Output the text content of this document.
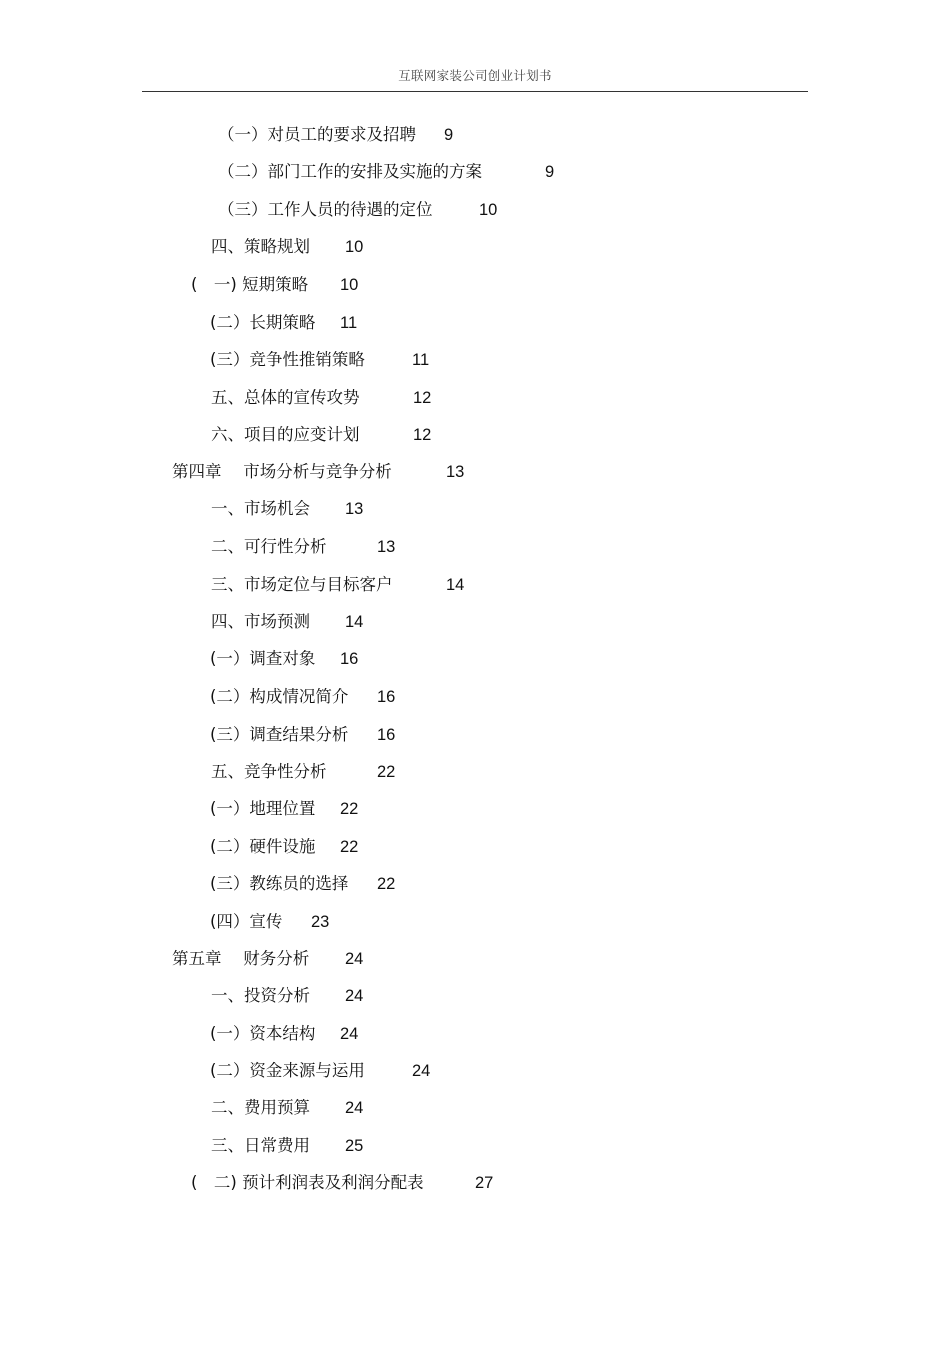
互联网家装公司创业计划书
（一）对员工的要求及招聘 9
（二）部门工作的安排及实施的方案	9
（三）工作人员的待遇的定位	10
四、策略规划 10
(　一) 短期策略 10
(二）长期策略 11
(三）竞争性推销策略	11
五、总体的宣传攻势	12
六、项目的应变计划	12
第四章　 市场分析与竞争分析	13
一、市场机会 13
二、可行性分析	13
三、市场定位与目标客户	14
四、市场预测 14
(一）调查对象 16
(二）构成情况简介 16
(三）调查结果分析 16
五、竞争性分析	22
(一）地理位置 22
(二）硬件设施 22
(三）教练员的选择 22
(四）宣传 23
第五章　 财务分析 24
一、投资分析 24
(一）资本结构 24
(二）资金来源与运用	24
二、费用预算 24
三、日常费用 25
(　二) 预计利润表及利润分配表	27
